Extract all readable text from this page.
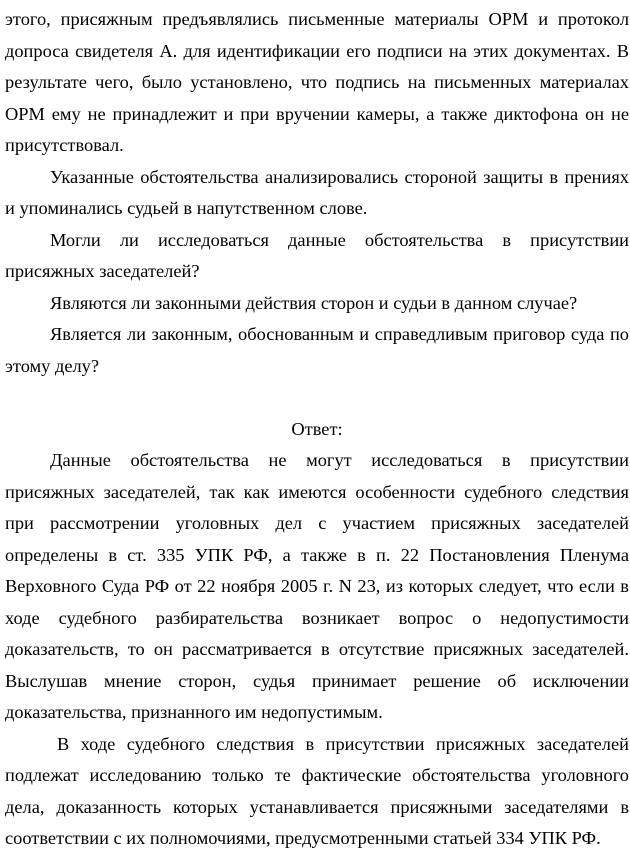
этого, присяжным предъявлялись письменные материалы ОРМ и протокол допроса свидетеля А. для идентификации его подписи на этих документах. В результате чего, было установлено, что подпись на письменных материалах ОРМ ему не принадлежит и при вручении камеры, а также диктофона он не присутствовал.

Указанные обстоятельства анализировались стороной защиты в прениях и упоминались судьей в напутственном слове.

Могли ли исследоваться данные обстоятельства в присутствии присяжных заседателей?

Являются ли законными действия сторон и судьи в данном случае?

Является ли законным, обоснованным и справедливым приговор суда по этому делу?

Ответ:

Данные обстоятельства не могут исследоваться в присутствии присяжных заседателей, так как имеются особенности судебного следствия при рассмотрении уголовных дел с участием присяжных заседателей определены в ст. 335 УПК РФ, а также в п. 22 Постановления Пленума Верховного Суда РФ от 22 ноября 2005 г. N 23, из которых следует, что если в ходе судебного разбирательства возникает вопрос о недопустимости доказательств, то он рассматривается в отсутствие присяжных заседателей. Выслушав мнение сторон, судья принимает решение об исключении доказательства, признанного им недопустимым.

В ходе судебного следствия в присутствии присяжных заседателей подлежат исследованию только те фактические обстоятельства уголовного дела, доказанность которых устанавливается присяжными заседателями в соответствии с их полномочиями, предусмотренными статьей 334 УПК РФ.
